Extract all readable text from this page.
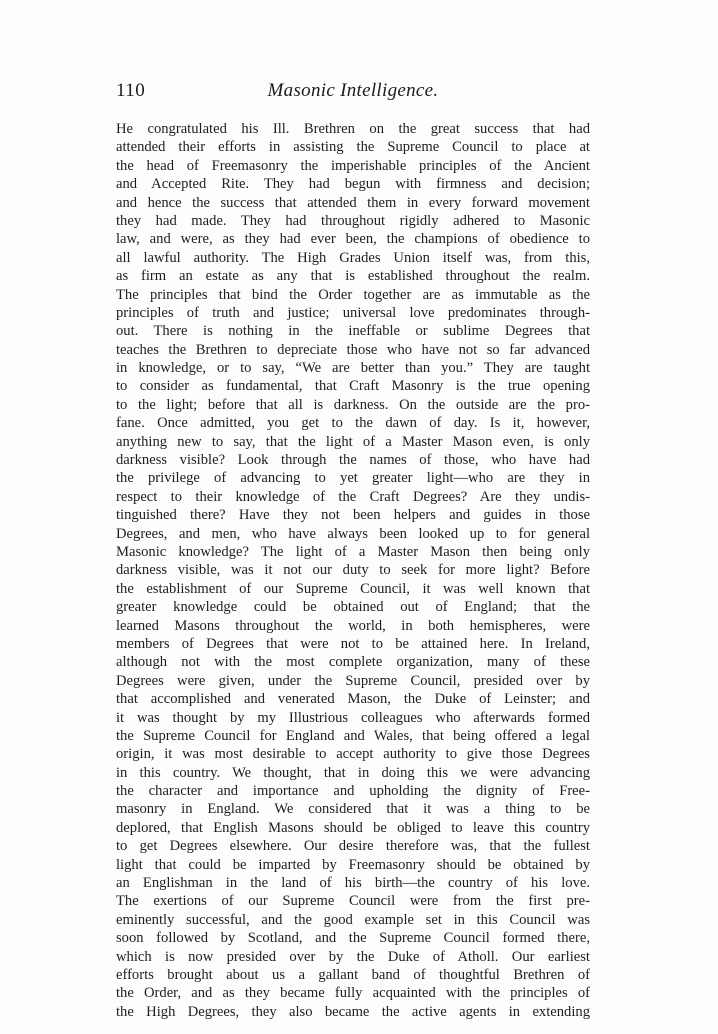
110	Masonic Intelligence.
He congratulated his Ill. Brethren on the great success that had
attended their efforts in assisting the Supreme Council to place at
the head of Freemasonry the imperishable principles of the Ancient
and Accepted Rite. They had begun with firmness and decision;
and hence the success that attended them in every forward movement
they had made. They had throughout rigidly adhered to Masonic
law, and were, as they had ever been, the champions of obedience to
all lawful authority. The High Grades Union itself was, from this,
as firm an estate as any that is established throughout the realm.
The principles that bind the Order together are as immutable as the
principles of truth and justice; universal love predominates through-
out. There is nothing in the ineffable or sublime Degrees that
teaches the Brethren to depreciate those who have not so far advanced
in knowledge, or to say, “We are better than you.” They are taught
to consider as fundamental, that Craft Masonry is the true opening
to the light; before that all is darkness. On the outside are the pro-
fane. Once admitted, you get to the dawn of day. Is it, however,
anything new to say, that the light of a Master Mason even, is only
darkness visible? Look through the names of those, who have had
the privilege of advancing to yet greater light—who are they in
respect to their knowledge of the Craft Degrees? Are they undis-
tinguished there? Have they not been helpers and guides in those
Degrees, and men, who have always been looked up to for general
Masonic knowledge? The light of a Master Mason then being only
darkness visible, was it not our duty to seek for more light? Before
the establishment of our Supreme Council, it was well known that
greater knowledge could be obtained out of England; that the
learned Masons throughout the world, in both hemispheres, were
members of Degrees that were not to be attained here. In Ireland,
although not with the most complete organization, many of these
Degrees were given, under the Supreme Council, presided over by
that accomplished and venerated Mason, the Duke of Leinster; and
it was thought by my Illustrious colleagues who afterwards formed
the Supreme Council for England and Wales, that being offered a legal
origin, it was most desirable to accept authority to give those Degrees
in this country. We thought, that in doing this we were advancing
the character and importance and upholding the dignity of Free-
masonry in England. We considered that it was a thing to be
deplored, that English Masons should be obliged to leave this country
to get Degrees elsewhere. Our desire therefore was, that the fullest
light that could be imparted by Freemasonry should be obtained by
an Englishman in the land of his birth—the country of his love.
The exertions of our Supreme Council were from the first pre-
eminently successful, and the good example set in this Council was
soon followed by Scotland, and the Supreme Council formed there,
which is now presided over by the Duke of Atholl. Our earliest
efforts brought about us a gallant band of thoughtful Brethren of
the Order, and as they became fully acquainted with the principles of
the High Degrees, they also became the active agents in extending
